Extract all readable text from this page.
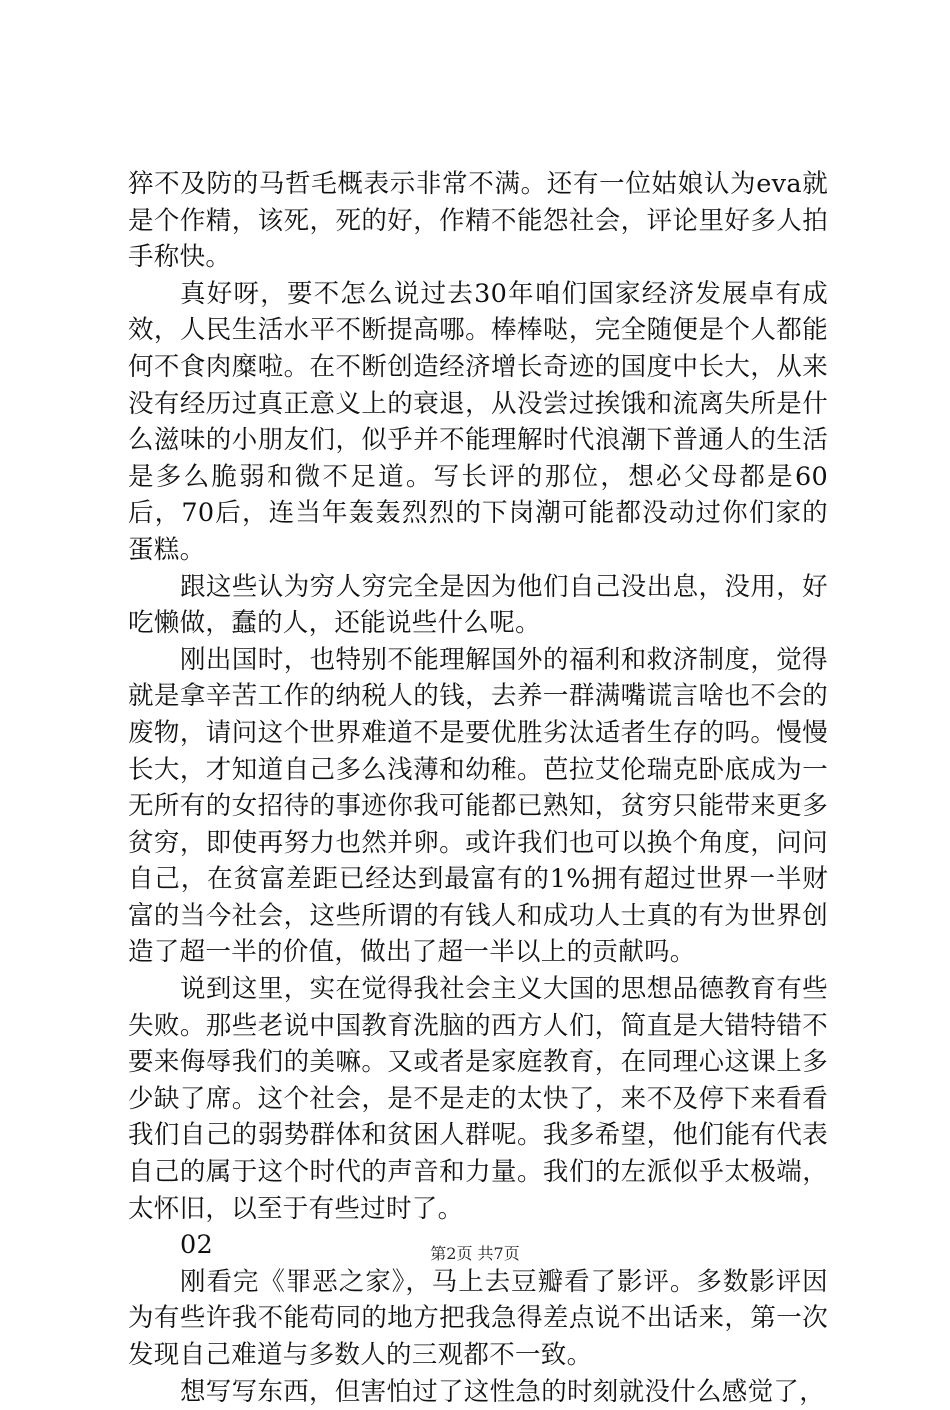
猝不及防的马哲毛概表示非常不满。还有一位姑娘认为eva就是个作精，该死，死的好，作精不能怨社会，评论里好多人拍手称快。

真好呀，要不怎么说过去30年咱们国家经济发展卓有成效，人民生活水平不断提高哪。棒棒哒，完全随便是个人都能何不食肉糜啦。在不断创造经济增长奇迹的国度中长大，从来没有经历过真正意义上的衰退，从没尝过挨饿和流离失所是什么滋味的小朋友们，似乎并不能理解时代浪潮下普通人的生活是多么脆弱和微不足道。写长评的那位，想必父母都是60后，70后，连当年轰轰烈烈的下岗潮可能都没动过你们家的蛋糕。

跟这些认为穷人穷完全是因为他们自己没出息，没用，好吃懒做，蠢的人，还能说些什么呢。

刚出国时，也特别不能理解国外的福利和救济制度，觉得就是拿辛苦工作的纳税人的钱，去养一群满嘴谎言啥也不会的废物，请问这个世界难道不是要优胜劣汰适者生存的吗。慢慢长大，才知道自己多么浅薄和幼稚。芭拉艾伦瑞克卧底成为一无所有的女招待的事迹你我可能都已熟知，贫穷只能带来更多贫穷，即使再努力也然并卵。或许我们也可以换个角度，问问自己，在贫富差距已经达到最富有的1%拥有超过世界一半财富的当今社会，这些所谓的有钱人和成功人士真的有为世界创造了超一半的价值，做出了超一半以上的贡献吗。

说到这里，实在觉得我社会主义大国的思想品德教育有些失败。那些老说中国教育洗脑的西方人们，简直是大错特错不要来侮辱我们的美嘛。又或者是家庭教育，在同理心这课上多少缺了席。这个社会，是不是走的太快了，来不及停下来看看我们自己的弱势群体和贫困人群呢。我多希望，他们能有代表自己的属于这个时代的声音和力量。我们的左派似乎太极端，太怀旧，以至于有些过时了。

02

刚看完《罪恶之家》，马上去豆瓣看了影评。多数影评因为有些许我不能苟同的地方把我急得差点说不出话来，第一次发现自己难道与多数人的三观都不一致。

想写写东西，但害怕过了这性急的时刻就没什么感觉了，

第2页 共7页
